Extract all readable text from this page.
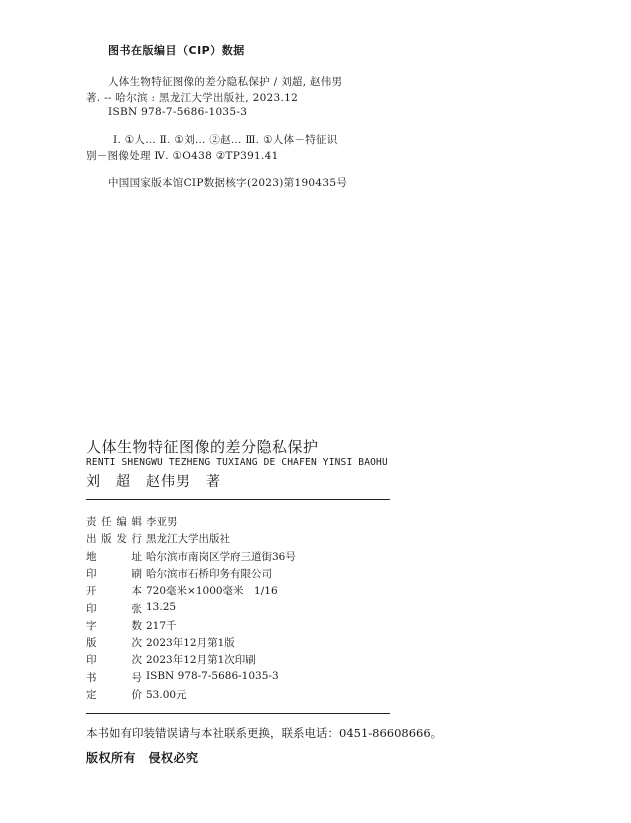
图书在版编目（CIP）数据
人体生物特征图像的差分隐私保护 / 刘超, 赵伟男
著. -- 哈尔滨 : 黑龙江大学出版社, 2023.12
ISBN 978-7-5686-1035-3
Ⅰ. ①人… Ⅱ. ①刘… ②赵… Ⅲ. ①人体－特征识
别－图像处理 Ⅳ. ①O438 ②TP391.41
中国国家版本馆CIP数据核字(2023)第190435号
人体生物特征图像的差分隐私保护
RENTI SHENGWU TEZHENG TUXIANG DE CHAFEN YINSI BAOHU
刘　超　赵伟男　著
责 任 编 辑 李亚男
出 版 发 行 黑龙江大学出版社
地	址 哈尔滨市南岗区学府三道街36号
印	刷 哈尔滨市石桥印务有限公司
开	本 720毫米×1000毫米　1/16
印	张 13.25
字	数 217千
版	次 2023年12月第1版
印	次 2023年12月第1次印刷
书	号 ISBN 978-7-5686-1035-3
定	价 53.00元
本书如有印装错误请与本社联系更换，联系电话：0451-86608666。
版权所有　侵权必究
